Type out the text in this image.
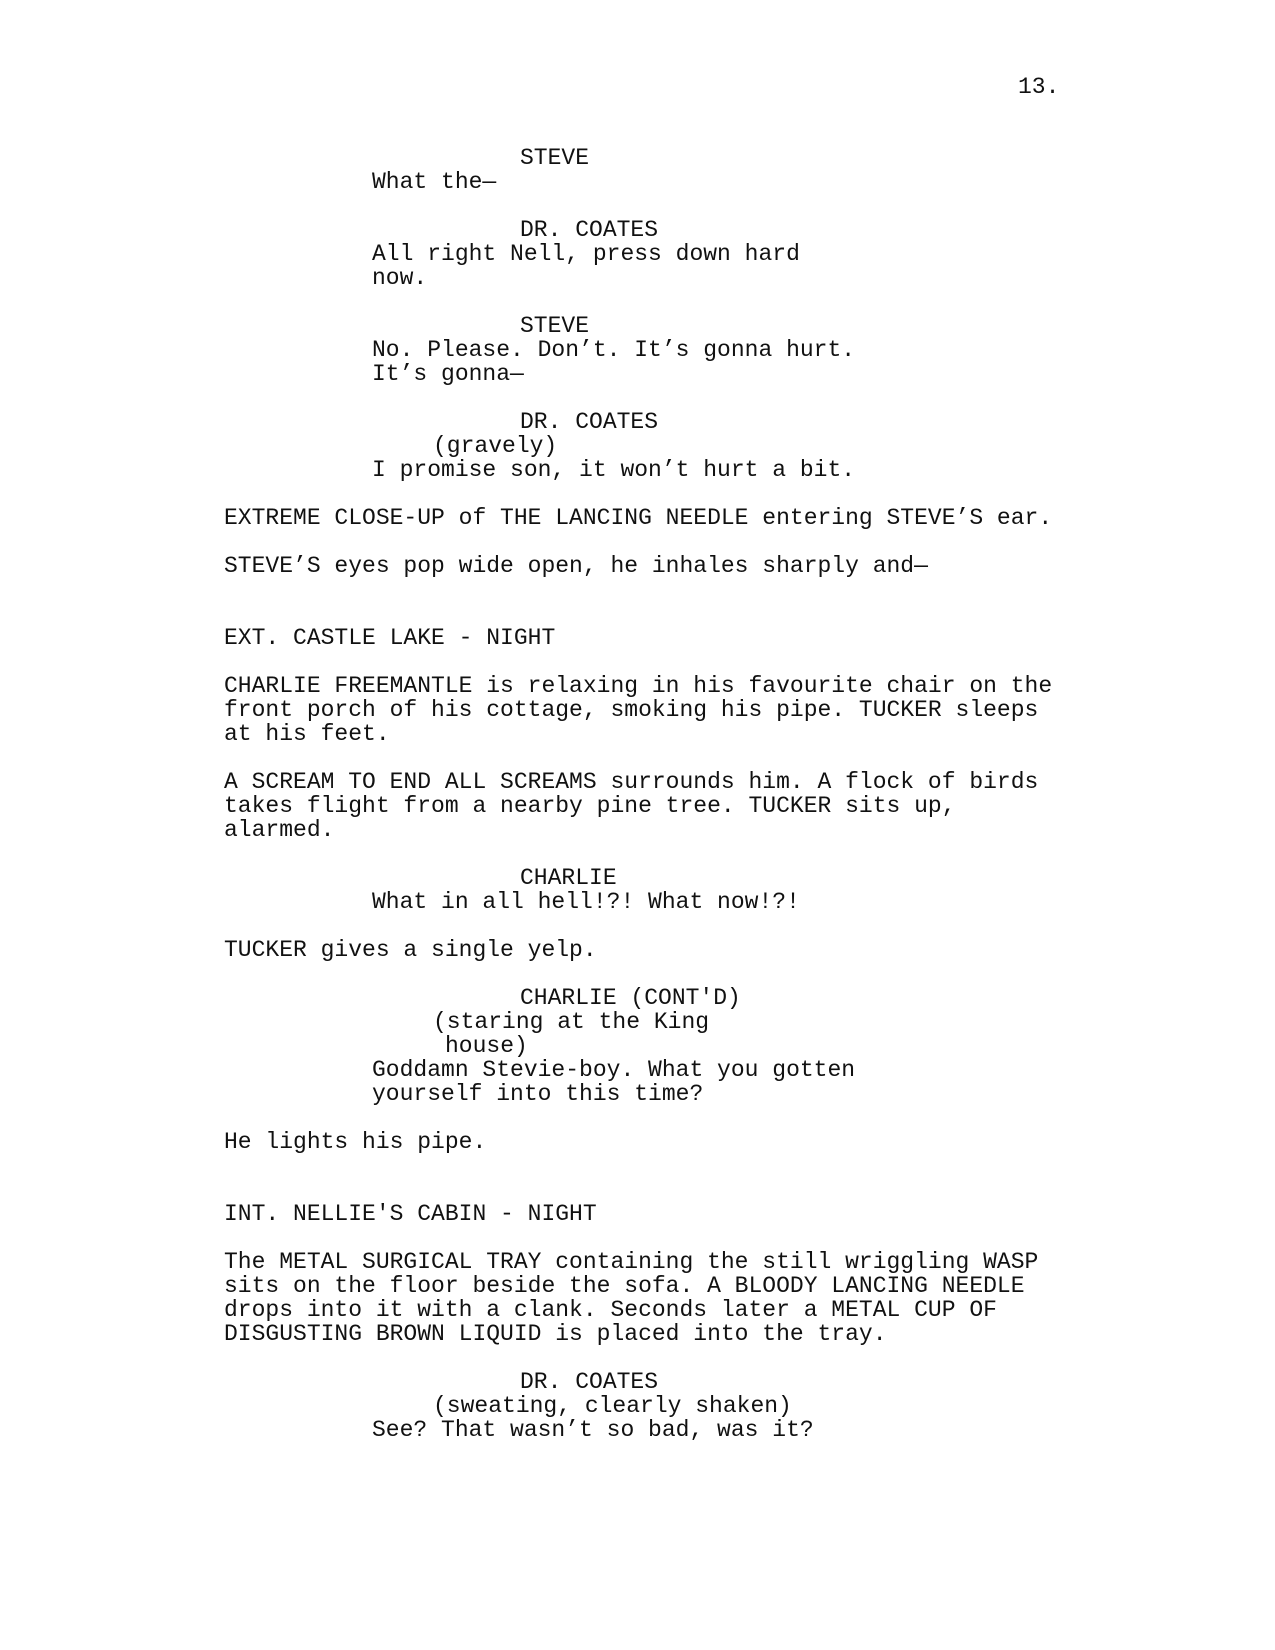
13.
STEVE
What the—
DR. COATES
All right Nell, press down hard
now.
STEVE
No. Please. Don’t. It’s gonna hurt.
It’s gonna—
DR. COATES
(gravely)
I promise son, it won’t hurt a bit.
EXTREME CLOSE-UP of THE LANCING NEEDLE entering STEVE’S ear.
STEVE’S eyes pop wide open, he inhales sharply and—
EXT. CASTLE LAKE - NIGHT
CHARLIE FREEMANTLE is relaxing in his favourite chair on the
front porch of his cottage, smoking his pipe. TUCKER sleeps
at his feet.
A SCREAM TO END ALL SCREAMS surrounds him. A flock of birds
takes flight from a nearby pine tree. TUCKER sits up,
alarmed.
CHARLIE
What in all hell!?! What now!?!
TUCKER gives a single yelp.
CHARLIE (CONT'D)
(staring at the King
house)
Goddamn Stevie-boy. What you gotten
yourself into this time?
He lights his pipe.
INT. NELLIE'S CABIN - NIGHT
The METAL SURGICAL TRAY containing the still wriggling WASP
sits on the floor beside the sofa. A BLOODY LANCING NEEDLE
drops into it with a clank. Seconds later a METAL CUP OF
DISGUSTING BROWN LIQUID is placed into the tray.
DR. COATES
(sweating, clearly shaken)
See? That wasn’t so bad, was it?
